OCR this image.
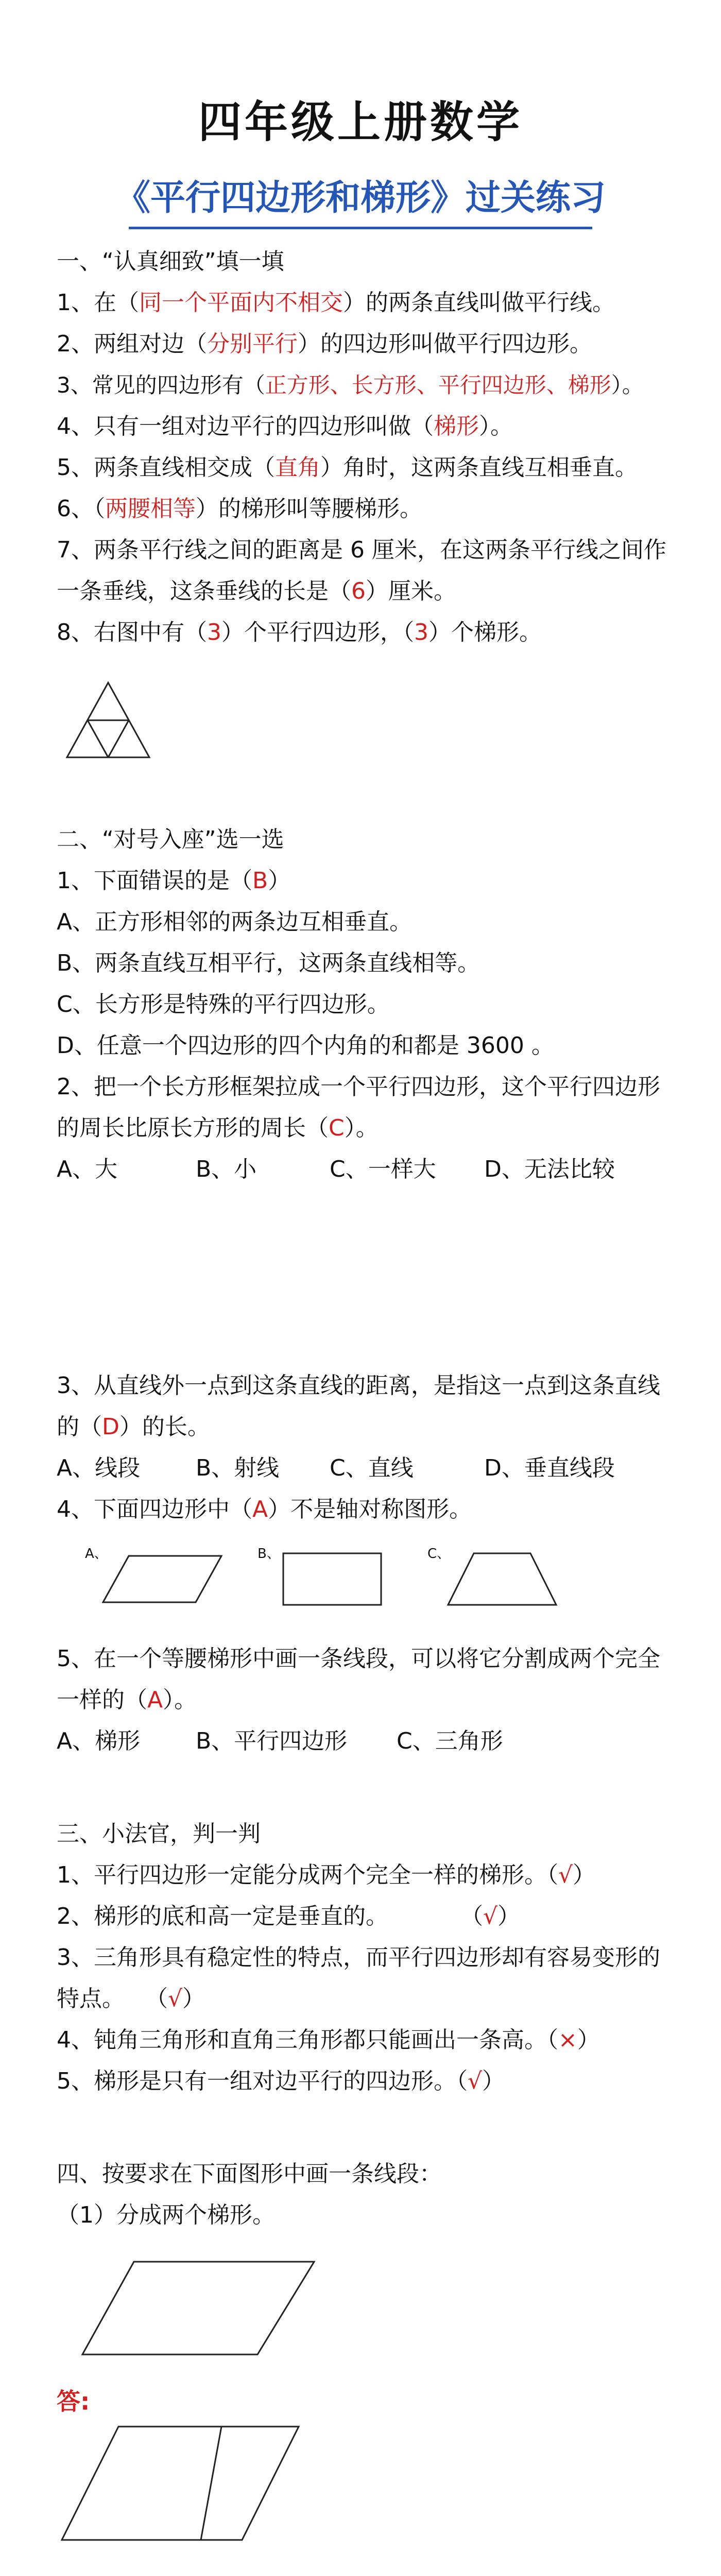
四年级上册数学
《平行四边形和梯形》过关练习
一、“认真细致”填一填
1、在（同一个平面内不相交）的两条直线叫做平行线。
2、两组对边（分别平行）的四边形叫做平行四边形。
3、常见的四边形有（正方形、长方形、平行四边形、梯形）。
4、只有一组对边平行的四边形叫做（梯形）。
5、两条直线相交成（直角）角时，这两条直线互相垂直。
6、（两腰相等）的梯形叫等腰梯形。
7、两条平行线之间的距离是 6 厘米，在这两条平行线之间作
一条垂线，这条垂线的长是（6）厘米。
8、右图中有（3）个平行四边形，（3）个梯形。
二、“对号入座”选一选
1、下面错误的是（B）
A、正方形相邻的两条边互相垂直。
B、两条直线互相平行，这两条直线相等。
C、长方形是特殊的平行四边形。
D、任意一个四边形的四个内角的和都是 3600 。
2、把一个长方形框架拉成一个平行四边形，这个平行四边形
的周长比原长方形的周长（C）。
A、大	B、小	C、一样大 D、无法比较
3、从直线外一点到这条直线的距离，是指这一点到这条直线
的（D）的长。
A、线段 B、射线 C、直线	D、垂直线段
4、下面四边形中（A）不是轴对称图形。
A、	B、	C、
5、在一个等腰梯形中画一条线段，可以将它分割成两个完全
一样的（A）。
A、梯形 B、平行四边形 C、三角形
三、小法官，判一判
1、平行四边形一定能分成两个完全一样的梯形。（√）
2、梯形的底和高一定是垂直的。	（√）
3、三角形具有稳定性的特点，而平行四边形却有容易变形的
特点。 （√）
4、钝角三角形和直角三角形都只能画出一条高。（×）
5、梯形是只有一组对边平行的四边形。（√）
四、按要求在下面图形中画一条线段：
（1）分成两个梯形。
答:
